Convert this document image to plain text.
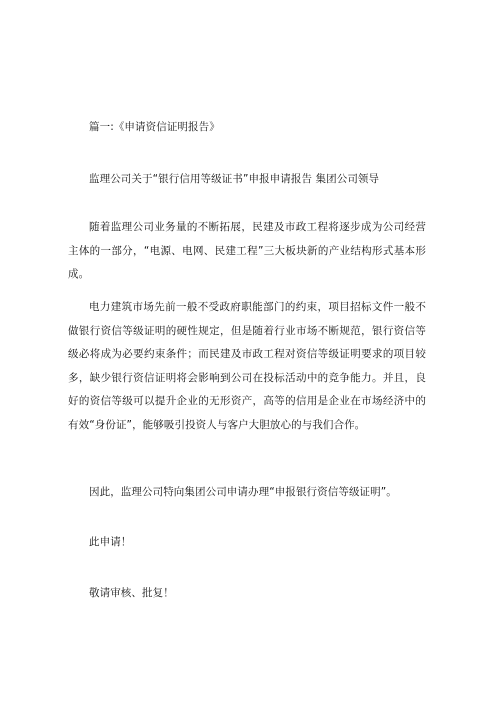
篇一:《申请资信证明报告》
监理公司关于“银行信用等级证书”申报申请报告 集团公司领导
随着监理公司业务量的不断拓展，民建及市政工程将逐步成为公司经营主体的一部分，“电源、电网、民建工程”三大板块新的产业结构形式基本形成。
电力建筑市场先前一般不受政府职能部门的约束，项目招标文件一般不做银行资信等级证明的硬性规定，但是随着行业市场不断规范，银行资信等级必将成为必要约束条件；而民建及市政工程对资信等级证明要求的项目较多，缺少银行资信证明将会影响到公司在投标活动中的竞争能力。并且，良好的资信等级可以提升企业的无形资产，高等的信用是企业在市场经济中的有效“身份证”，能够吸引投资人与客户大胆放心的与我们合作。
因此，监理公司特向集团公司申请办理“申报银行资信等级证明”。
此申请！
敬请审核、批复！
